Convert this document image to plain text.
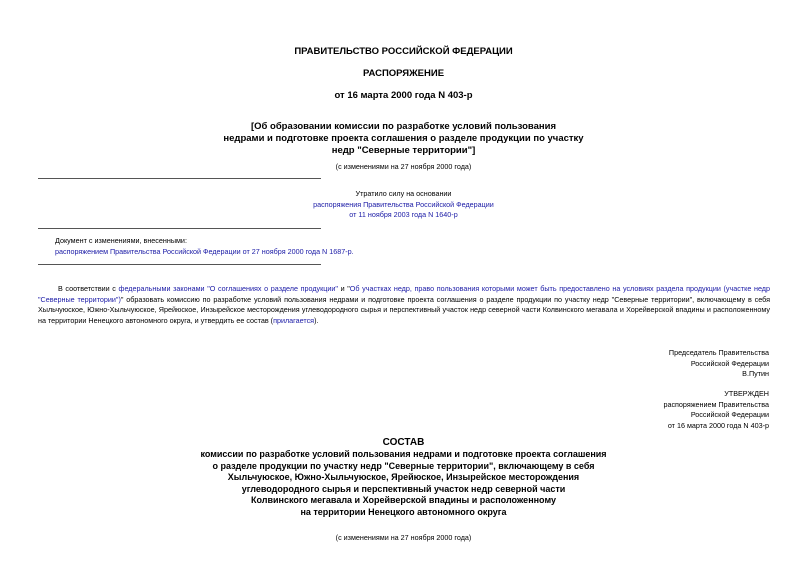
ПРАВИТЕЛЬСТВО РОССИЙСКОЙ ФЕДЕРАЦИИ
РАСПОРЯЖЕНИЕ
от 16 марта 2000 года N 403-р
[Об образовании комиссии по разработке условий пользования
недрами и подготовке проекта соглашения о разделе продукции по участку
недр "Северные территории"]
(с изменениями на 27 ноября 2000 года)
Утратило силу на основании
распоряжения Правительства Российской Федерации
от 11 ноября 2003 года N 1640-р
Документ с изменениями, внесенными:
распоряжением Правительства Российской Федерации от 27 ноября 2000 года N 1687-р.
В соответствии с федеральными законами "О соглашениях о разделе продукции" и "Об участках недр, право пользования которыми может быть предоставлено на условиях раздела продукции (участке недр "Северные территории")" образовать комиссию по разработке условий пользования недрами и подготовке проекта соглашения о разделе продукции по участку недр "Северные территории", включающему в себя Хыльчуюское, Южно-Хыльчуюское, Ярейюское, Инзырейское месторождения углеводородного сырья и перспективный участок недр северной части Колвинского мегавала и Хорейверской впадины и расположенному на территории Ненецкого автономного округа, и утвердить ее состав (прилагается).
Председатель Правительства
Российской Федерации
В.Путин
УТВЕРЖДЕН
распоряжением Правительства
Российской Федерации
от 16 марта 2000 года N 403-р
СОСТАВ
комиссии по разработке условий пользования недрами и подготовке проекта соглашения
о разделе продукции по участку недр "Северные территории", включающему в себя
Хыльчуюское, Южно-Хыльчуюское, Ярейюское, Инзырейское месторождения
углеводородного сырья и перспективный участок недр северной части
Колвинского мегавала и Хорейверской впадины и расположенному
на территории Ненецкого автономного округа
(с изменениями на 27 ноября 2000 года)
